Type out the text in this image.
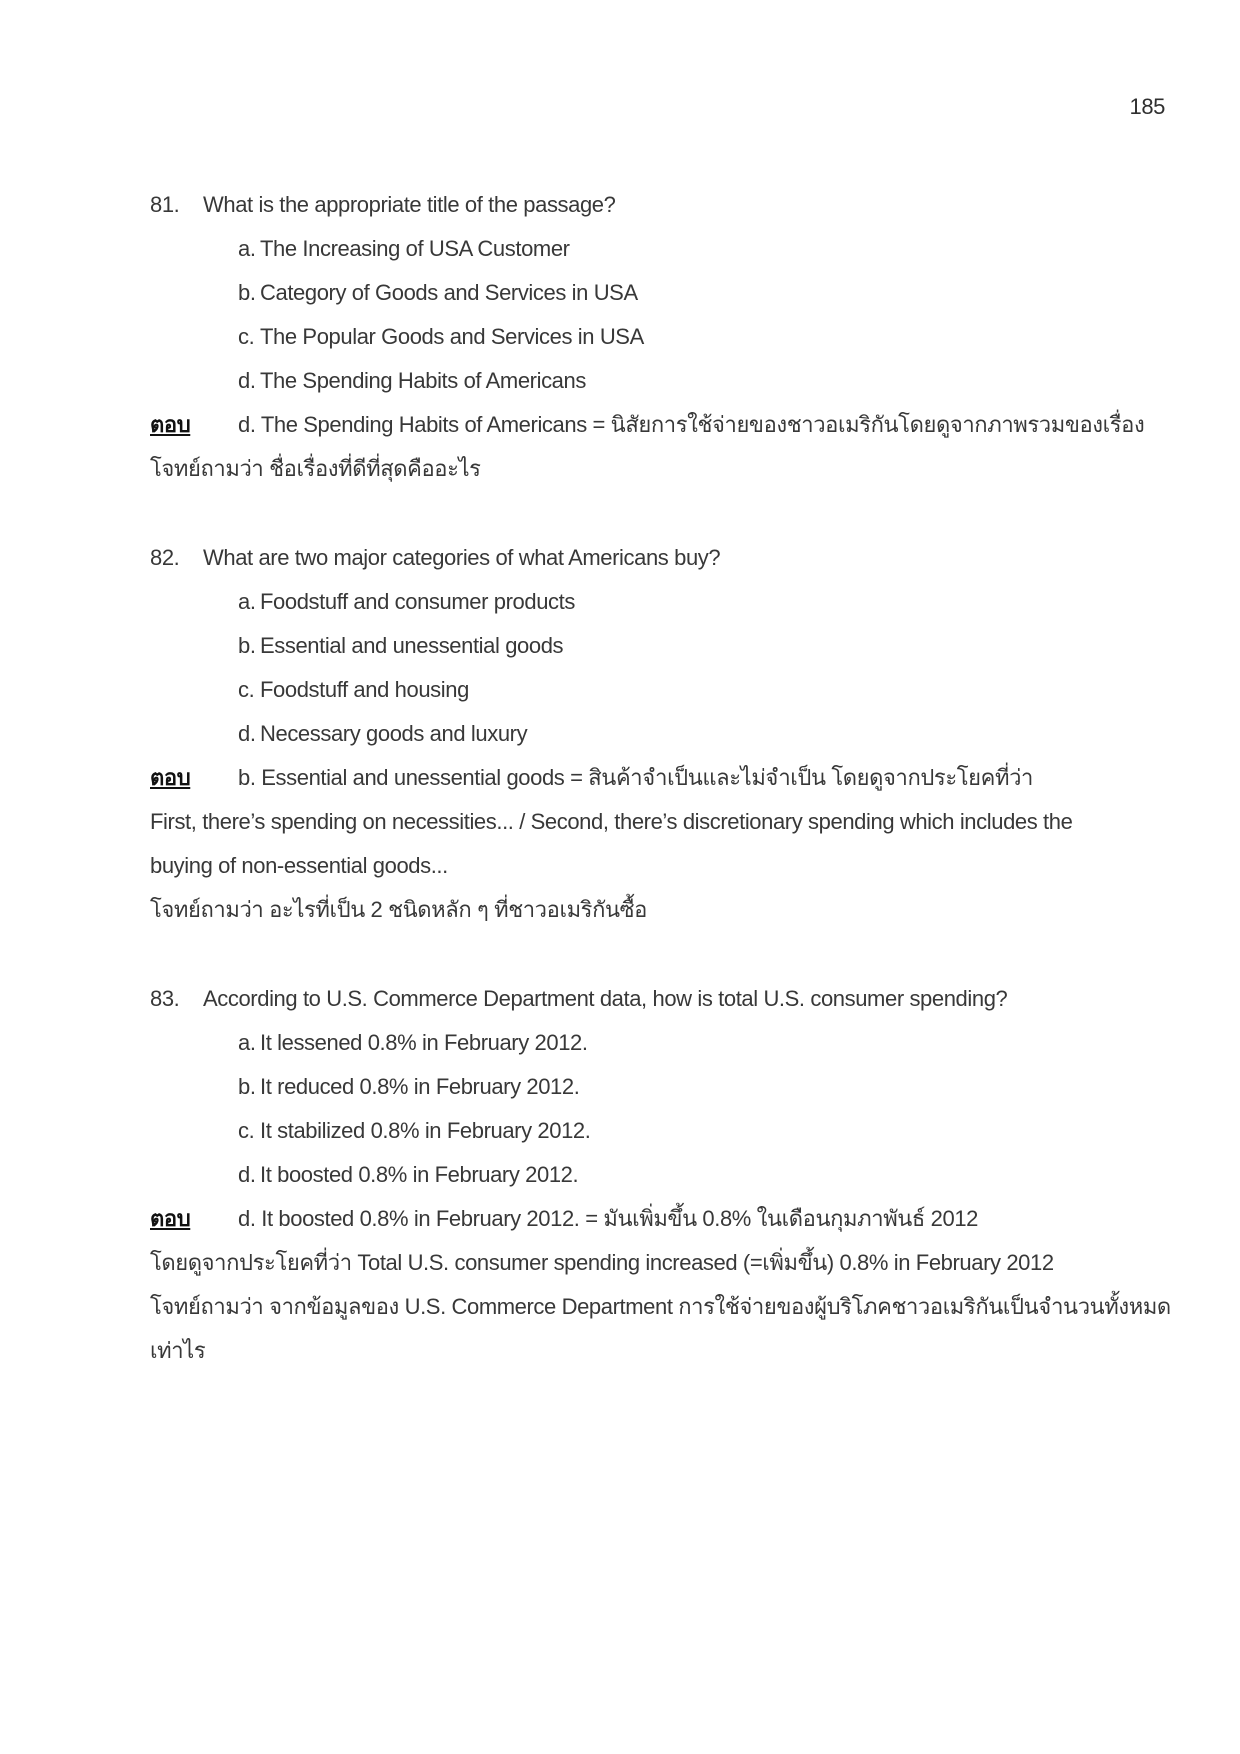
185
81.	What is the appropriate title of the passage?
a. The Increasing of USA Customer
b. Category of Goods and Services in USA
c. The Popular Goods and Services in USA
d. The Spending Habits of Americans
ตอบ	d. The Spending Habits of Americans = นิสัยการใช้จ่ายของชาวอเมริกันโดยดูจากภาพรวมของเรื่อง
โจทย์ถามว่า ชื่อเรื่องที่ดีที่สุดคืออะไร
82.	What are two major categories of what Americans buy?
a. Foodstuff and consumer products
b. Essential and unessential goods
c. Foodstuff and housing
d. Necessary goods and luxury
ตอบ	b. Essential and unessential goods = สินค้าจำเป็นและไม่จำเป็น โดยดูจากประโยคที่ว่า
First, there’s spending on necessities... / Second, there’s discretionary spending which includes the
buying of non-essential goods...
โจทย์ถามว่า อะไรที่เป็น 2 ชนิดหลัก ๆ ที่ชาวอเมริกันซื้อ
83.	According to U.S. Commerce Department data, how is total U.S. consumer spending?
a. It lessened 0.8% in February 2012.
b. It reduced 0.8% in February 2012.
c. It stabilized 0.8% in February 2012.
d. It boosted 0.8% in February 2012.
ตอบ	d. It boosted 0.8% in February 2012. = มันเพิ่มขึ้น 0.8% ในเดือนกุมภาพันธ์ 2012
โดยดูจากประโยคที่ว่า Total U.S. consumer spending increased (=เพิ่มขึ้น) 0.8% in February 2012
โจทย์ถามว่า จากข้อมูลของ U.S. Commerce Department การใช้จ่ายของผู้บริโภคชาวอเมริกันเป็นจำนวนทั้งหมด
เท่าไร
